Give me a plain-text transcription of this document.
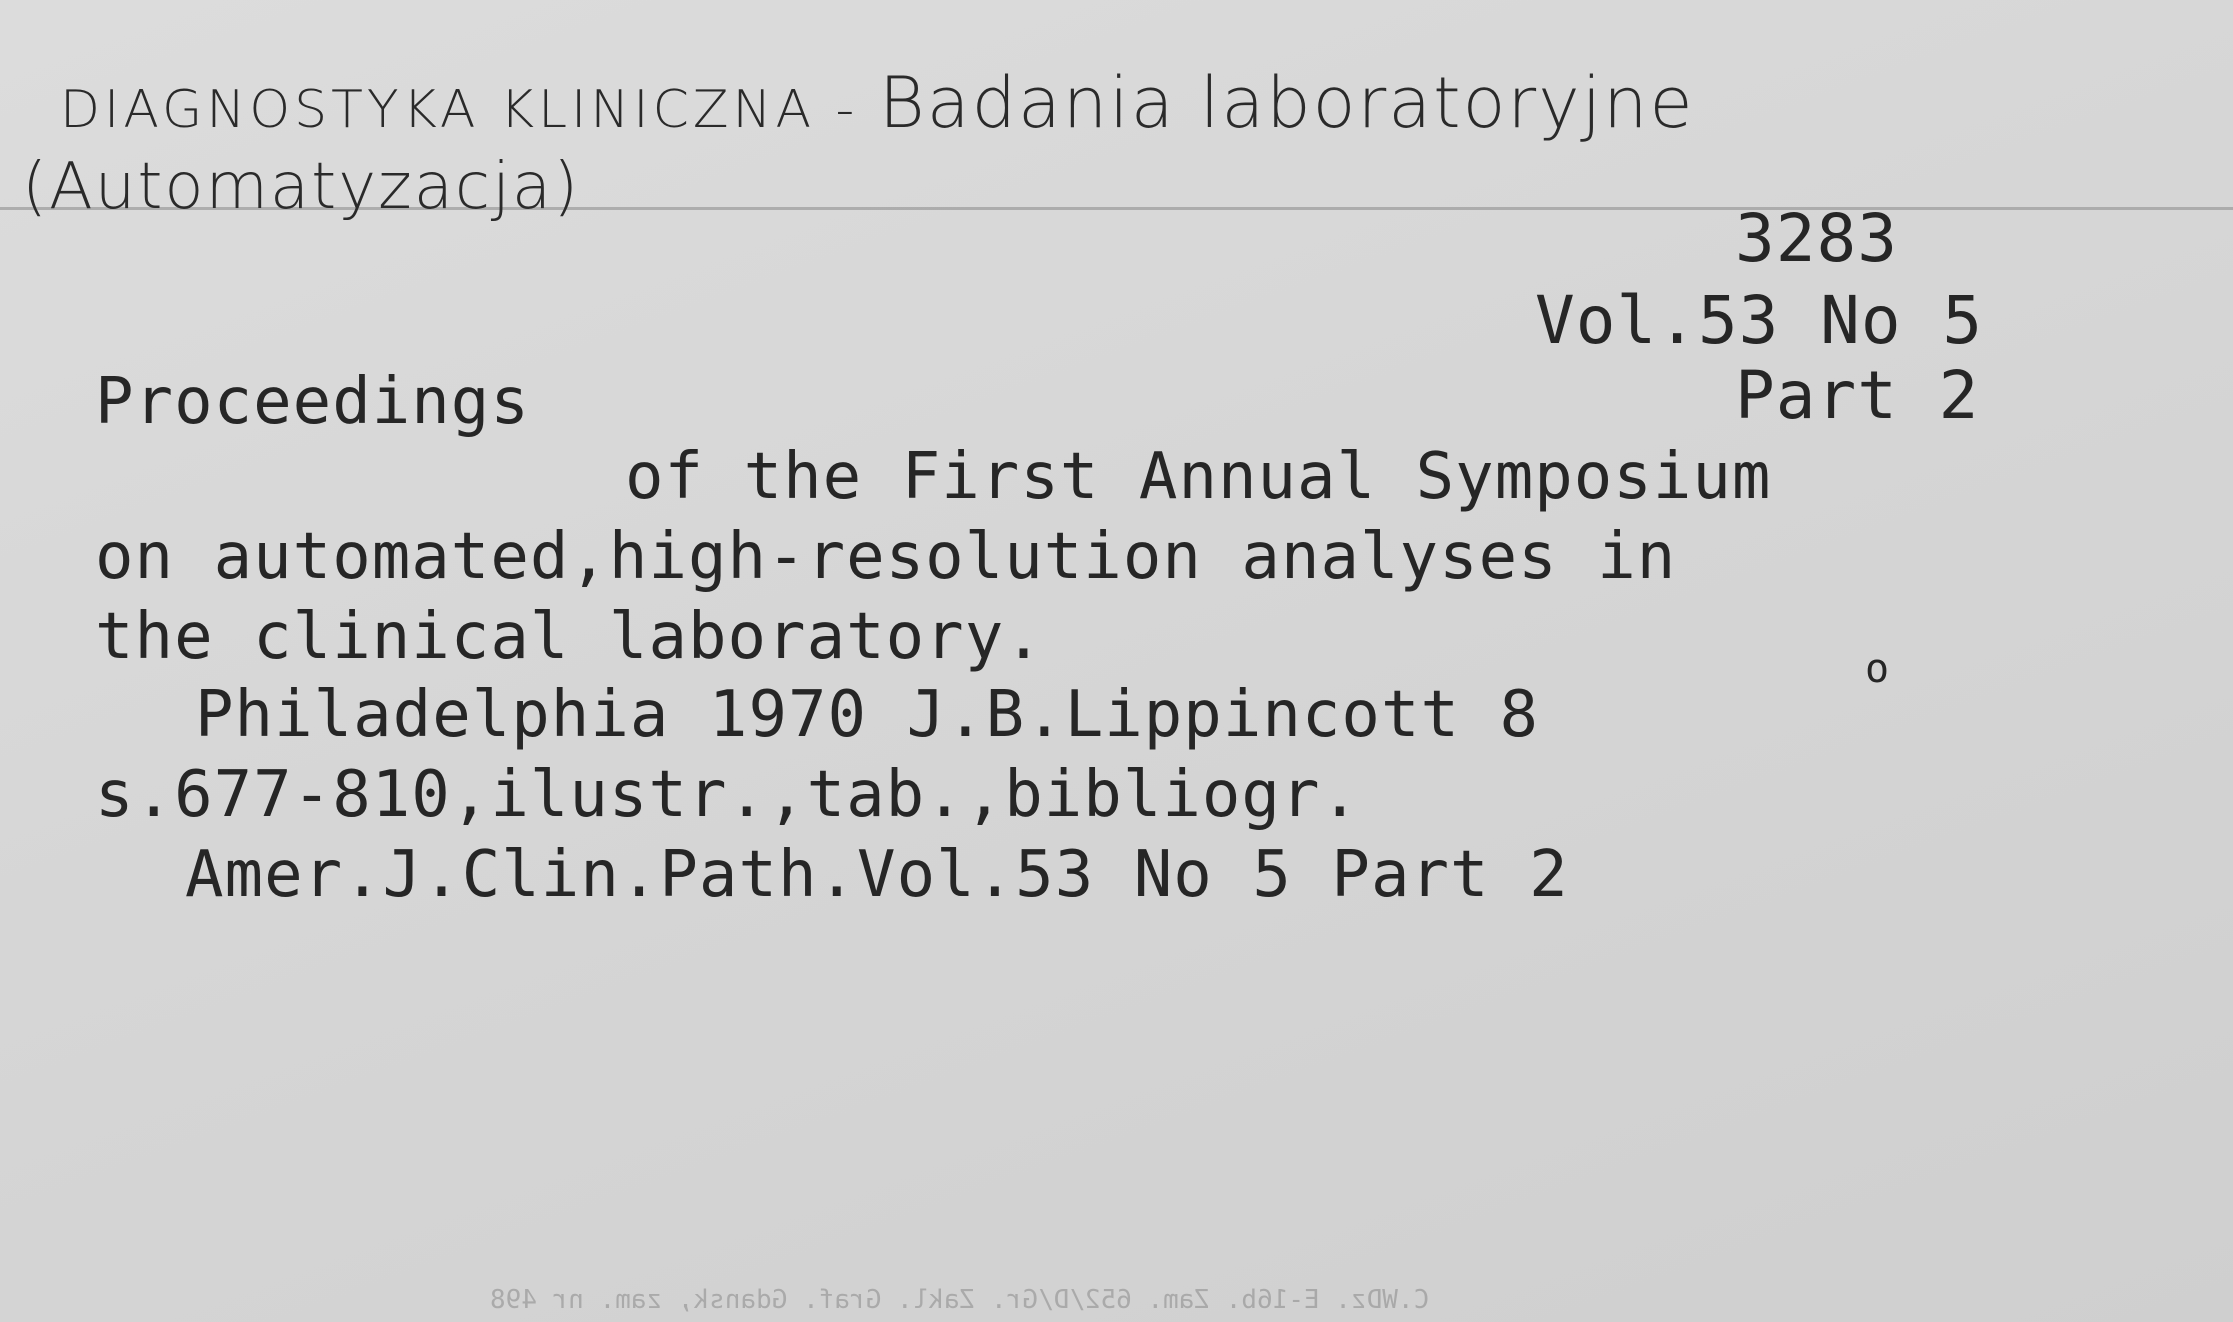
DIAGNOSTYKA KLINICZNA - Badania laboratoryjne
(Automatyzacja)
3283
Vol.53 No 5
Part 2
Proceedings
of the First Annual Symposium
on automated,high-resolution analyses in
the clinical laboratory.
Philadelphia 1970 J.B.Lippincott 8
o
s.677-810,ilustr.,tab.,bibliogr.
Amer.J.Clin.Path.Vol.53 No 5 Part 2
C.WDz. E-16b. Zam. 652/D/Gr. Zakl. Graf. Gdansk, zam. nr 498
